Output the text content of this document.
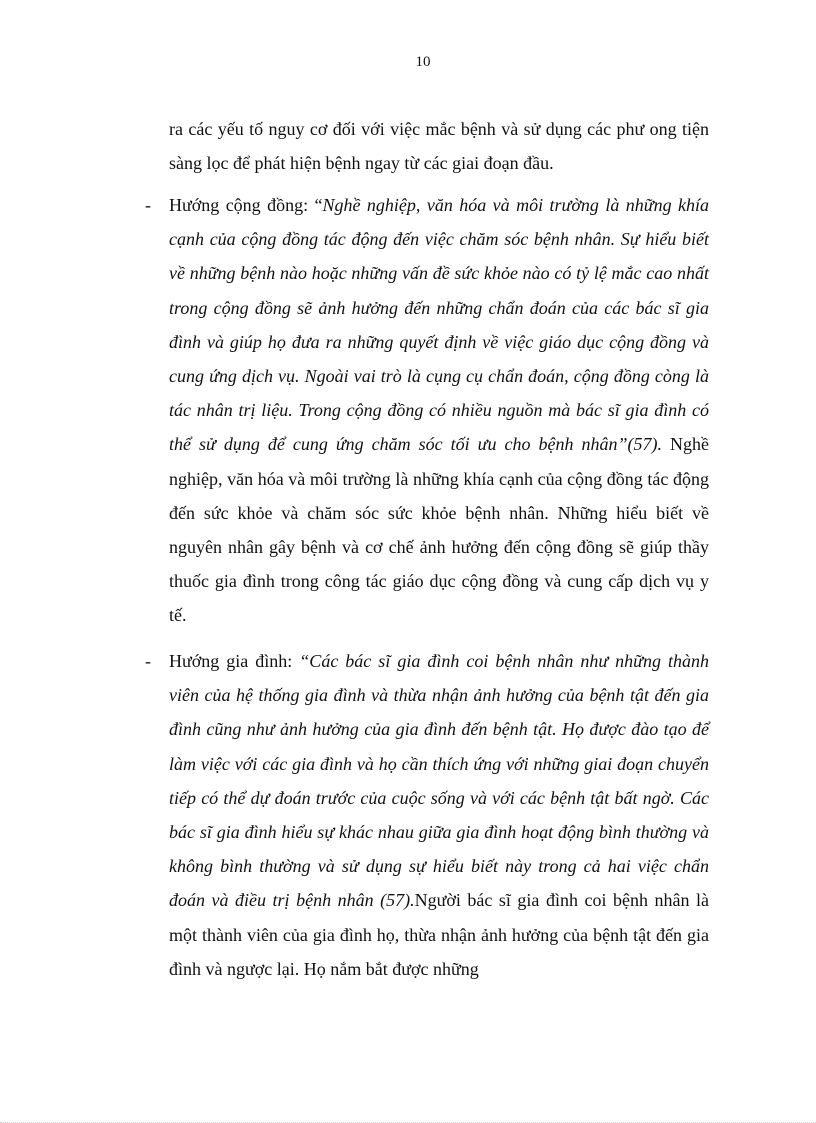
10

ra các yếu tố nguy cơ đối với việc mắc bệnh và sử dụng các phư ong tiện sàng lọc để phát hiện bệnh ngay từ các giai đoạn đầu.

- Hướng cộng đồng: “Nghề nghiệp, văn hóa và môi trường là những khía cạnh của cộng đồng tác động đến việc chăm sóc bệnh nhân. Sự hiểu biết về những bệnh nào hoặc những vấn đề sức khỏe nào có tỷ lệ mắc cao nhất trong cộng đồng sẽ ảnh hưởng đến những chẩn đoán của các bác sĩ gia đình và giúp họ đưa ra những quyết định về việc giáo dục cộng đồng và cung ứng dịch vụ. Ngoài vai trò là cụng cụ chẩn đoán, cộng đồng còng là tác nhân trị liệu. Trong cộng đồng có nhiều nguồn mà bác sĩ gia đình có thể sử dụng để cung ứng chăm sóc tối ưu cho bệnh nhân”(57). Nghề nghiệp, văn hóa và môi trường là những khía cạnh của cộng đồng tác động đến sức khỏe và chăm sóc sức khỏe bệnh nhân. Những hiểu biết về nguyên nhân gây bệnh và cơ chế ảnh hưởng đến cộng đồng sẽ giúp thầy thuốc gia đình trong công tác giáo dục cộng đồng và cung cấp dịch vụ y tế.
- Hướng gia đình: “Các bác sĩ gia đình coi bệnh nhân như những thành viên của hệ thống gia đình và thừa nhận ảnh hưởng của bệnh tật đến gia đình cũng như ảnh hưởng của gia đình đến bệnh tật. Họ được đào tạo để làm việc với các gia đình và họ cần thích ứng với những giai đoạn chuyển tiếp có thể dự đoán trước của cuộc sống và với các bệnh tật bất ngờ. Các bác sĩ gia đình hiểu sự khác nhau giữa gia đình hoạt động bình thường và không bình thường và sử dụng sự hiểu biết này trong cả hai việc chẩn đoán và điều trị bệnh nhân (57).Người bác sĩ gia đình coi bệnh nhân là một thành viên của gia đình họ, thừa nhận ảnh hưởng của bệnh tật đến gia đình và ngược lại. Họ nắm bắt được những
